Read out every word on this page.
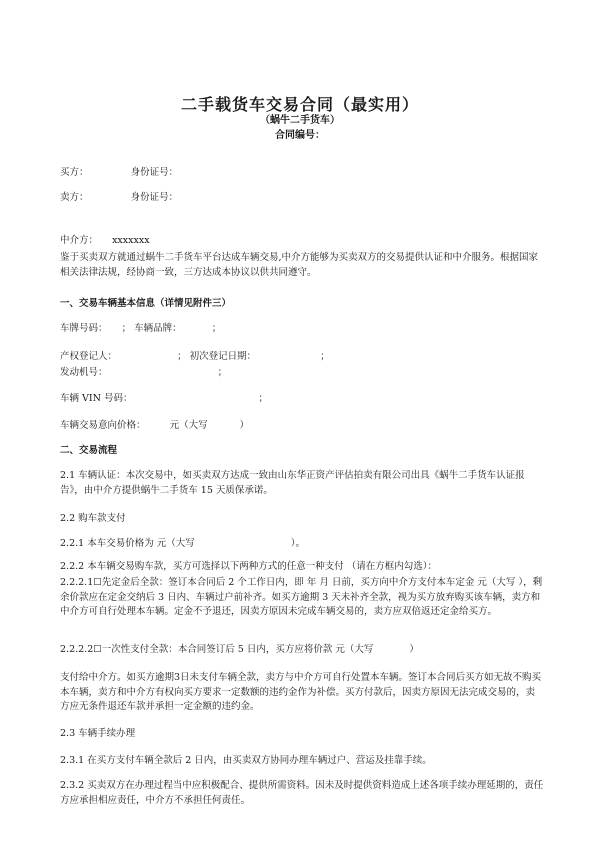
二手载货车交易合同（最实用）
（蜗牛二手货车）
合同编号：
买方：	身份证号：
卖方：	身份证号：
中介方： xxxxxxx
鉴于买卖双方就通过蜗牛二手货车平台达成车辆交易,中介方能够为买卖双方的交易提供认证和中介服务。根据国家相关法律法规，经协商一致，三方达成本协议以供共同遵守。
一、交易车辆基本信息（详情见附件三）
车牌号码： ； 车辆品牌：	；
产权登记人：	； 初次登记日期：	；
发动机号：	；
车辆 VIN 号码：	；
车辆交易意向价格：	元（大写	）
二、交易流程
2.1 车辆认证：本次交易中，如买卖双方达成一致由山东华正资产评估拍卖有限公司出具《蜗牛二手货车认证报告》，由中介方提供蜗牛二手货车 15 天质保承诺。
2.2 购车款支付
2.2.1 本车交易价格为 元（大写	）。
2.2.2 本车辆交易购车款，买方可选择以下两种方式的任意一种支付 （请在方框内勾选）：
2.2.2.1☐先定金后全款：签订本合同后 2 个工作日内，即 年 月 日前，买方向中介方支付本车定金 元（大写 ），剩余价款应在定金交纳后 3 日内、车辆过户前补齐。如买方逾期 3 天未补齐全款，视为买方放弃购买该车辆，卖方和中介方可自行处理本车辆。定金不予退还，因卖方原因未完成车辆交易的，卖方应双倍返还定金给买方。
2.2.2.2☐一次性支付全款：本合同签订后 5 日内，买方应将价款 元（大写	）
支付给中介方。如买方逾期3日未支付车辆全款，卖方与中介方可自行处置本车辆。签订本合同后买方如无故不购买本车辆，卖方和中介方有权向买方要求一定数额的违约金作为补偿。买方付款后，因卖方原因无法完成交易的，卖方应无条件退还车款并承担一定金额的违约金。
2.3 车辆手续办理
2.3.1 在买方支付车辆全款后 2 日内，由买卖双方协同办理车辆过户、营运及挂靠手续。
2.3.2 买卖双方在办理过程当中应积极配合、提供所需资料。因未及时提供资料造成上述各项手续办理延期的，责任方应承担相应责任，中介方不承担任何责任。
